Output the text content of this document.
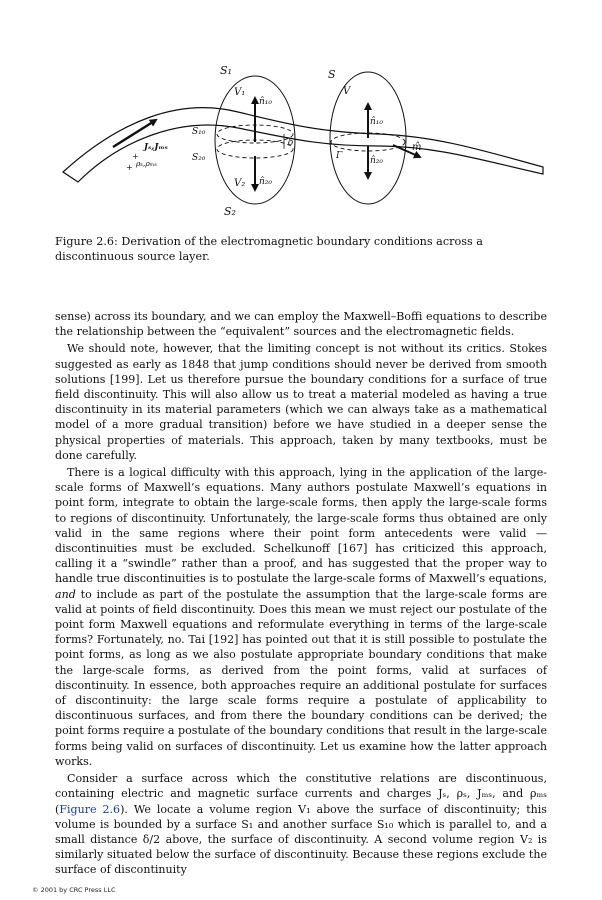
S₁	S
V₁	V
n̂₁₀
n̂₁₀
S₁₀
S₂₀
δ
Γ	n̂₂₀
m̂
n̂₂₀
V₂
S₂
Jₛ,Jₘₛ
+
+ ρₛ,ρₘₛ
Figure 2.6: Derivation of the electromagnetic boundary conditions across a discontinuous source layer.

sense) across its boundary, and we can employ the Maxwell–Boffi equations to describe the relationship between the “equivalent” sources and the electromagnetic fields.

We should note, however, that the limiting concept is not without its critics. Stokes suggested as early as 1848 that jump conditions should never be derived from smooth solutions [199]. Let us therefore pursue the boundary conditions for a surface of true field discontinuity. This will also allow us to treat a material modeled as having a true discontinuity in its material parameters (which we can always take as a mathematical model of a more gradual transition) before we have studied in a deeper sense the physical properties of materials. This approach, taken by many textbooks, must be done carefully.

There is a logical difficulty with this approach, lying in the application of the large-scale forms of Maxwell’s equations. Many authors postulate Maxwell’s equations in point form, integrate to obtain the large-scale forms, then apply the large-scale forms to regions of discontinuity. Unfortunately, the large-scale forms thus obtained are only valid in the same regions where their point form antecedents were valid — discontinuities must be excluded. Schelkunoff [167] has criticized this approach, calling it a “swindle” rather than a proof, and has suggested that the proper way to handle true discontinuities is to postulate the large-scale forms of Maxwell’s equations, and to include as part of the postulate the assumption that the large-scale forms are valid at points of field discontinuity. Does this mean we must reject our postulate of the point form Maxwell equations and reformulate everything in terms of the large-scale forms? Fortunately, no. Tai [192] has pointed out that it is still possible to postulate the point forms, as long as we also postulate appropriate boundary conditions that make the large-scale forms, as derived from the point forms, valid at surfaces of discontinuity. In essence, both approaches require an additional postulate for surfaces of discontinuity: the large scale forms require a postulate of applicability to discontinuous surfaces, and from there the boundary conditions can be derived; the point forms require a postulate of the boundary conditions that result in the large-scale forms being valid on surfaces of discontinuity. Let us examine how the latter approach works.

Consider a surface across which the constitutive relations are discontinuous, containing electric and magnetic surface currents and charges Jₛ, ρₛ, Jₘₛ, and ρₘₛ (Figure 2.6). We locate a volume region V₁ above the surface of discontinuity; this volume is bounded by a surface S₁ and another surface S₁₀ which is parallel to, and a small distance δ/2 above, the surface of discontinuity. A second volume region V₂ is similarly situated below the surface of discontinuity. Because these regions exclude the surface of discontinuity

© 2001 by CRC Press LLC
